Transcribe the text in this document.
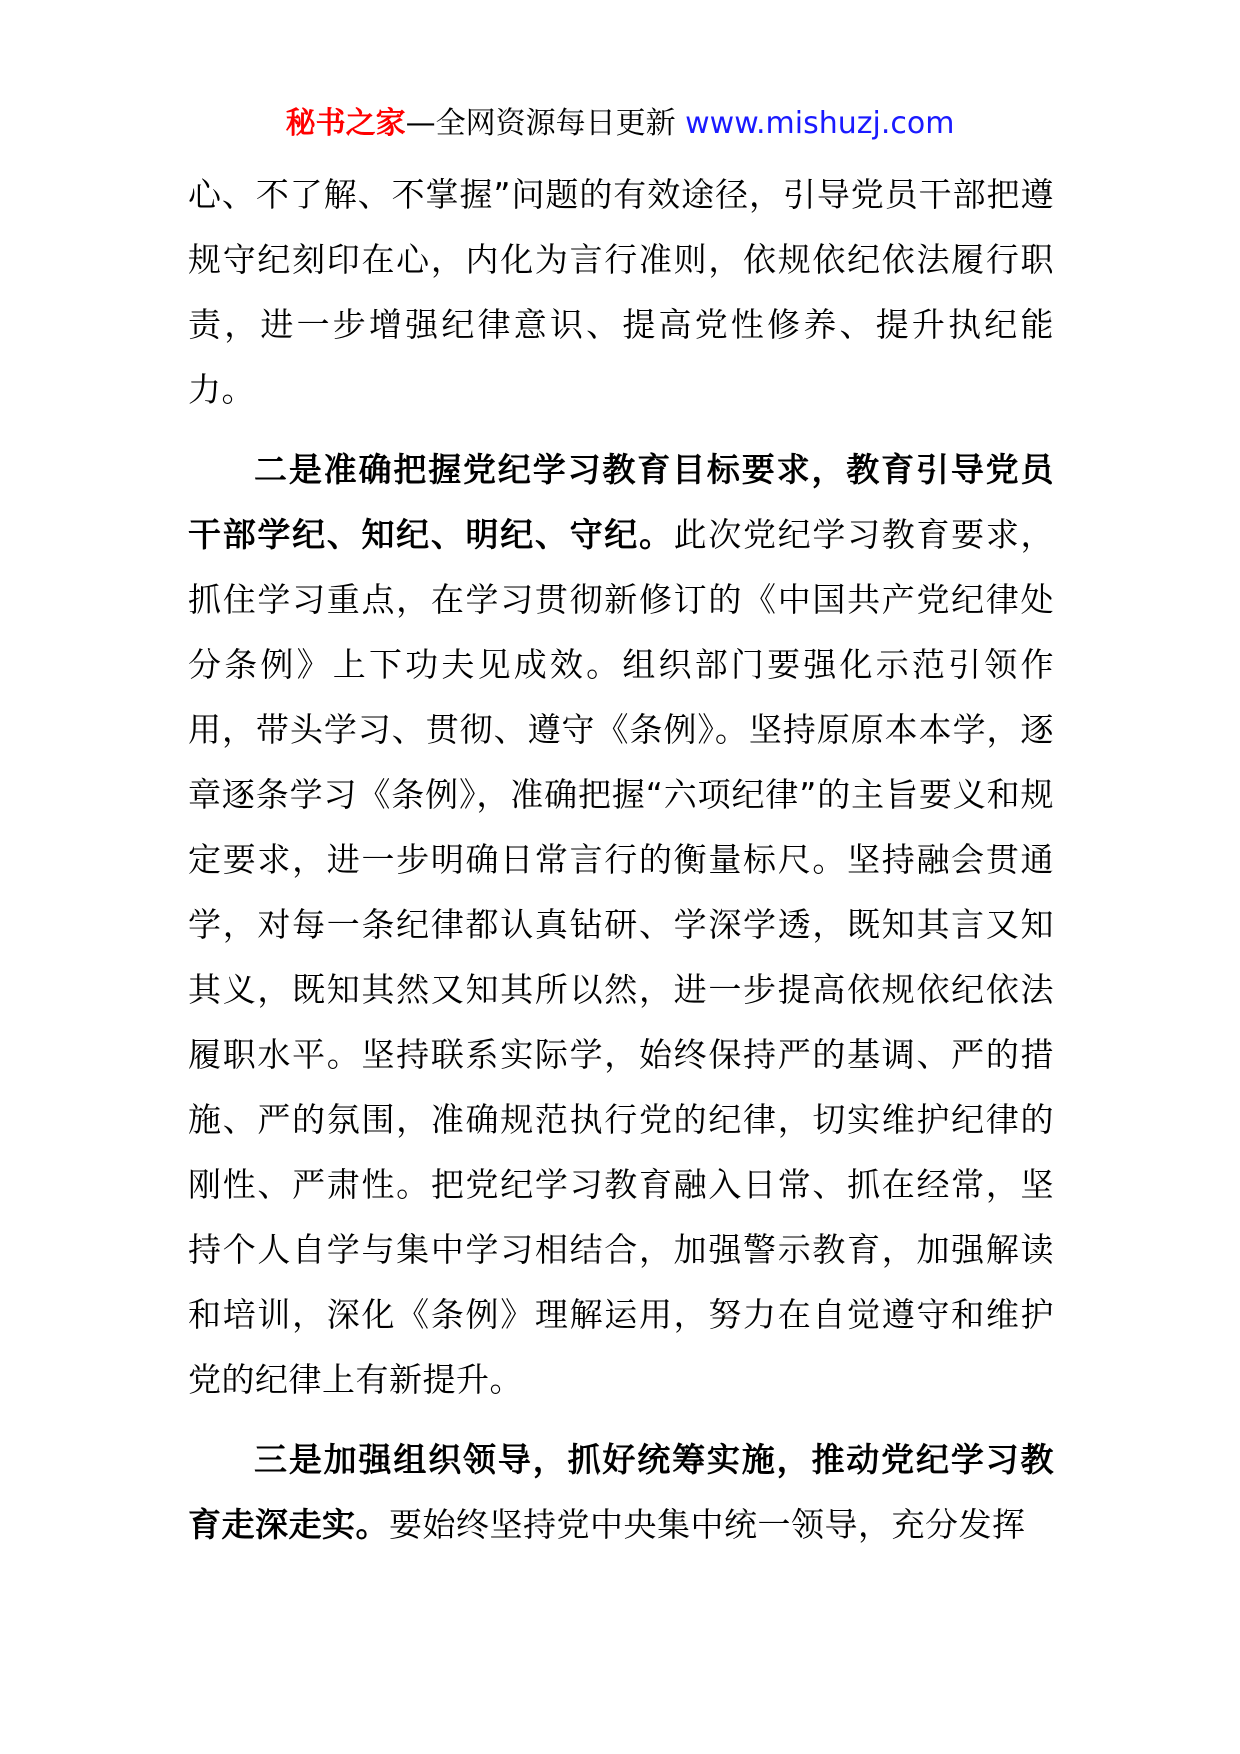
秘书之家—全网资源每日更新 www.mishuzj.com

心、不了解、不掌握”问题的有效途径，引导党员干部把遵规守纪刻印在心，内化为言行准则，依规依纪依法履行职责，进一步增强纪律意识、提高党性修养、提升执纪能力。

二是准确把握党纪学习教育目标要求，教育引导党员干部学纪、知纪、明纪、守纪。此次党纪学习教育要求，抓住学习重点，在学习贯彻新修订的《中国共产党纪律处分条例》上下功夫见成效。组织部门要强化示范引领作用，带头学习、贯彻、遵守《条例》。坚持原原本本学，逐章逐条学习《条例》，准确把握“六项纪律”的主旨要义和规定要求，进一步明确日常言行的衡量标尺。坚持融会贯通学，对每一条纪律都认真钻研、学深学透，既知其言又知其义，既知其然又知其所以然，进一步提高依规依纪依法履职水平。坚持联系实际学，始终保持严的基调、严的措施、严的氛围，准确规范执行党的纪律，切实维护纪律的刚性、严肃性。把党纪学习教育融入日常、抓在经常，坚持个人自学与集中学习相结合，加强警示教育，加强解读和培训，深化《条例》理解运用，努力在自觉遵守和维护党的纪律上有新提升。

三是加强组织领导，抓好统筹实施，推动党纪学习教育走深走实。要始终坚持党中央集中统一领导，充分发挥
